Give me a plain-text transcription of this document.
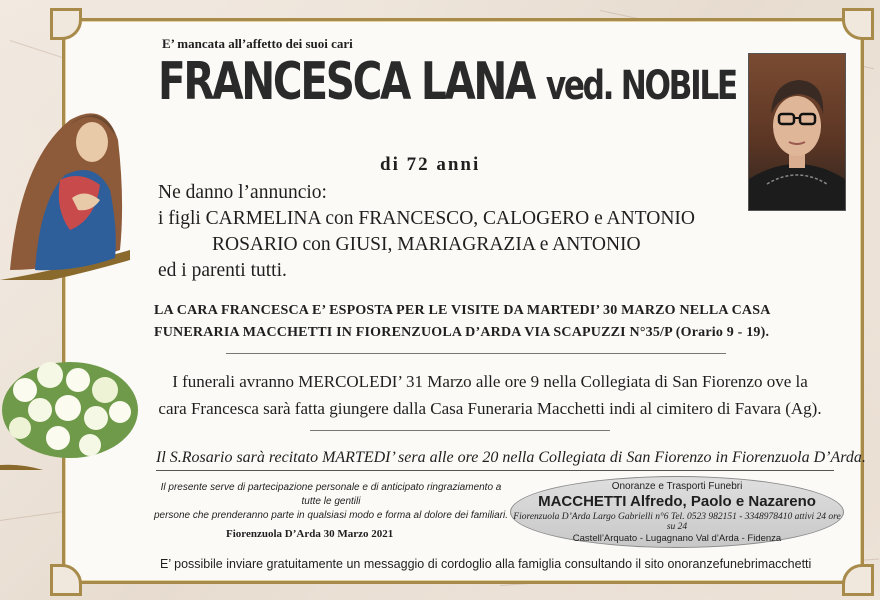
E’ mancata all’affetto dei suoi cari
FRANCESCA LANA ved. NOBILE
di 72 anni
Ne danno l’annuncio:
i figli CARMELINA con FRANCESCO, CALOGERO e ANTONIO
ROSARIO con GIUSI, MARIAGRAZIA e ANTONIO
ed i parenti tutti.
LA CARA FRANCESCA E’ ESPOSTA PER LE VISITE DA MARTEDI’ 30 MARZO NELLA CASA
FUNERARIA MACCHETTI IN FIORENZUOLA D’ARDA VIA SCAPUZZI N°35/P (Orario 9 - 19).
I funerali avranno MERCOLEDI’ 31 Marzo alle ore 9 nella Collegiata di San Fiorenzo ove la
cara Francesca sarà fatta giungere dalla Casa Funeraria Macchetti indi al cimitero di Favara (Ag).
Il S.Rosario sarà recitato MARTEDI’ sera alle ore 20 nella Collegiata di San Fiorenzo in Fiorenzuola D’Arda.
Il presente serve di partecipazione personale e di anticipato ringraziamento a tutte le gentili
persone che prenderanno parte in qualsiasi modo e forma al dolore dei familiari.
Fiorenzuola D’Arda 30 Marzo 2021
Onoranze e Trasporti Funebri
MACCHETTI Alfredo, Paolo e Nazareno
Fiorenzuola D’Arda Largo Gabrielli n°6 Tel. 0523 982151 - 3348978410 attivi 24 ore su 24
Castell’Arquato - Lugagnano Val d’Arda - Fidenza
E’ possibile inviare gratuitamente un messaggio di cordoglio alla famiglia consultando il sito onoranzefunebrimacchetti
